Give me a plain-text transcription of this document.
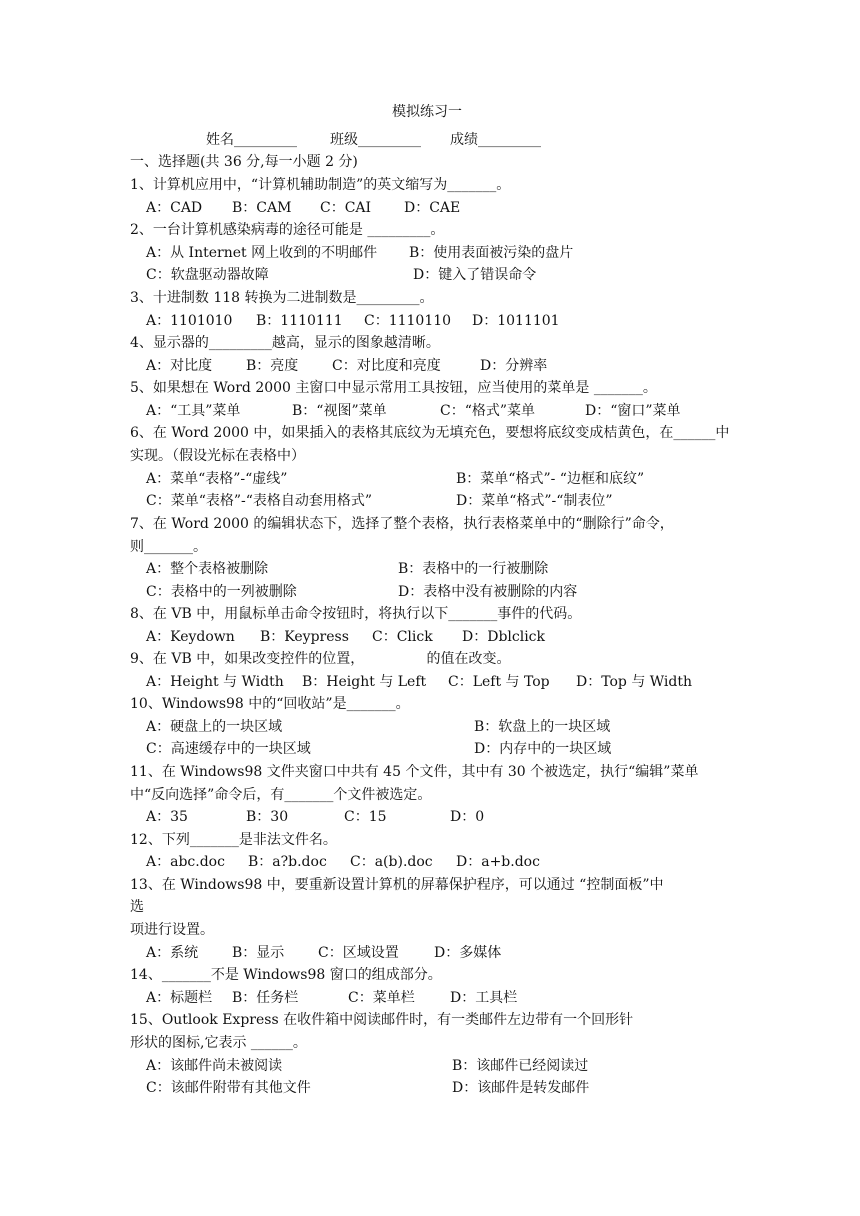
模拟练习一
姓名_________ 班级_________ 成绩_________
一、选择题(共 36 分,每一小题 2 分)
1、计算机应用中，“计算机辅助制造”的英文缩写为_______。
A：CAD B：CAM C：CAI D：CAE
2、一台计算机感染病毒的途径可能是 _________。
A：从 Internet 网上收到的不明邮件 B：使用表面被污染的盘片
C：软盘驱动器故障	D：键入了错误命令
3、十进制数 118 转换为二进制数是_________。
A：1101010 B：1110111 C：1110110 D：1011101
4、显示器的_________越高，显示的图象越清晰。
A：对比度 B：亮度 C：对比度和亮度	D：分辨率
5、如果想在 Word 2000 主窗口中显示常用工具按钮，应当使用的菜单是 _______。
A：“工具”菜单	B：“视图”菜单	C：“格式”菜单	D：“窗口”菜单
6、在 Word 2000 中，如果插入的表格其底纹为无填充色，要想将底纹变成桔黄色，在______中
实现。（假设光标在表格中）
A：菜单“表格”-“虚线”	B：菜单“格式”- “边框和底纹”
C：菜单“表格”-“表格自动套用格式”	D：菜单“格式”-“制表位”
7、在 Word 2000 的编辑状态下，选择了整个表格，执行表格菜单中的“删除行”命令，
则_______。
A：整个表格被删除	B：表格中的一行被删除
C：表格中的一列被删除	D：表格中没有被删除的内容
8、在 VB 中，用鼠标单击命令按钮时，将执行以下_______事件的代码。
A：Keydown B：Keypress C：Click D：Dblclick
9、在 VB 中，如果改变控件的位置，              的值在改变。
A：Height 与 Width B：Height 与 Left C：Left 与 Top D：Top 与 Width
10、Windows98 中的“回收站”是_______。
A：硬盘上的一块区域	B：软盘上的一块区域
C：高速缓存中的一块区域	D：内存中的一块区域
11、在 Windows98 文件夹窗口中共有 45 个文件，其中有 30 个被选定，执行“编辑”菜单
中“反向选择”命令后，有_______个文件被选定。
A：35	B：30	C：15	D：0
12、下列_______是非法文件名。
A：abc.doc B：a?b.doc C：a(b).doc D：a+b.doc
13、在 Windows98 中，要重新设置计算机的屏幕保护程序，可以通过 “控制面板”中
选
项进行设置。
A：系统 B：显示 C：区域设置	D：多媒体
14、_______不是 Windows98 窗口的组成部分。
A：标题栏 B：任务栏	C：菜单栏	D：工具栏
15、Outlook Express 在收件箱中阅读邮件时，有一类邮件左边带有一个回形针
形状的图标,它表示 ______。
A：该邮件尚未被阅读	B：该邮件已经阅读过
C：该邮件附带有其他文件	D：该邮件是转发邮件
